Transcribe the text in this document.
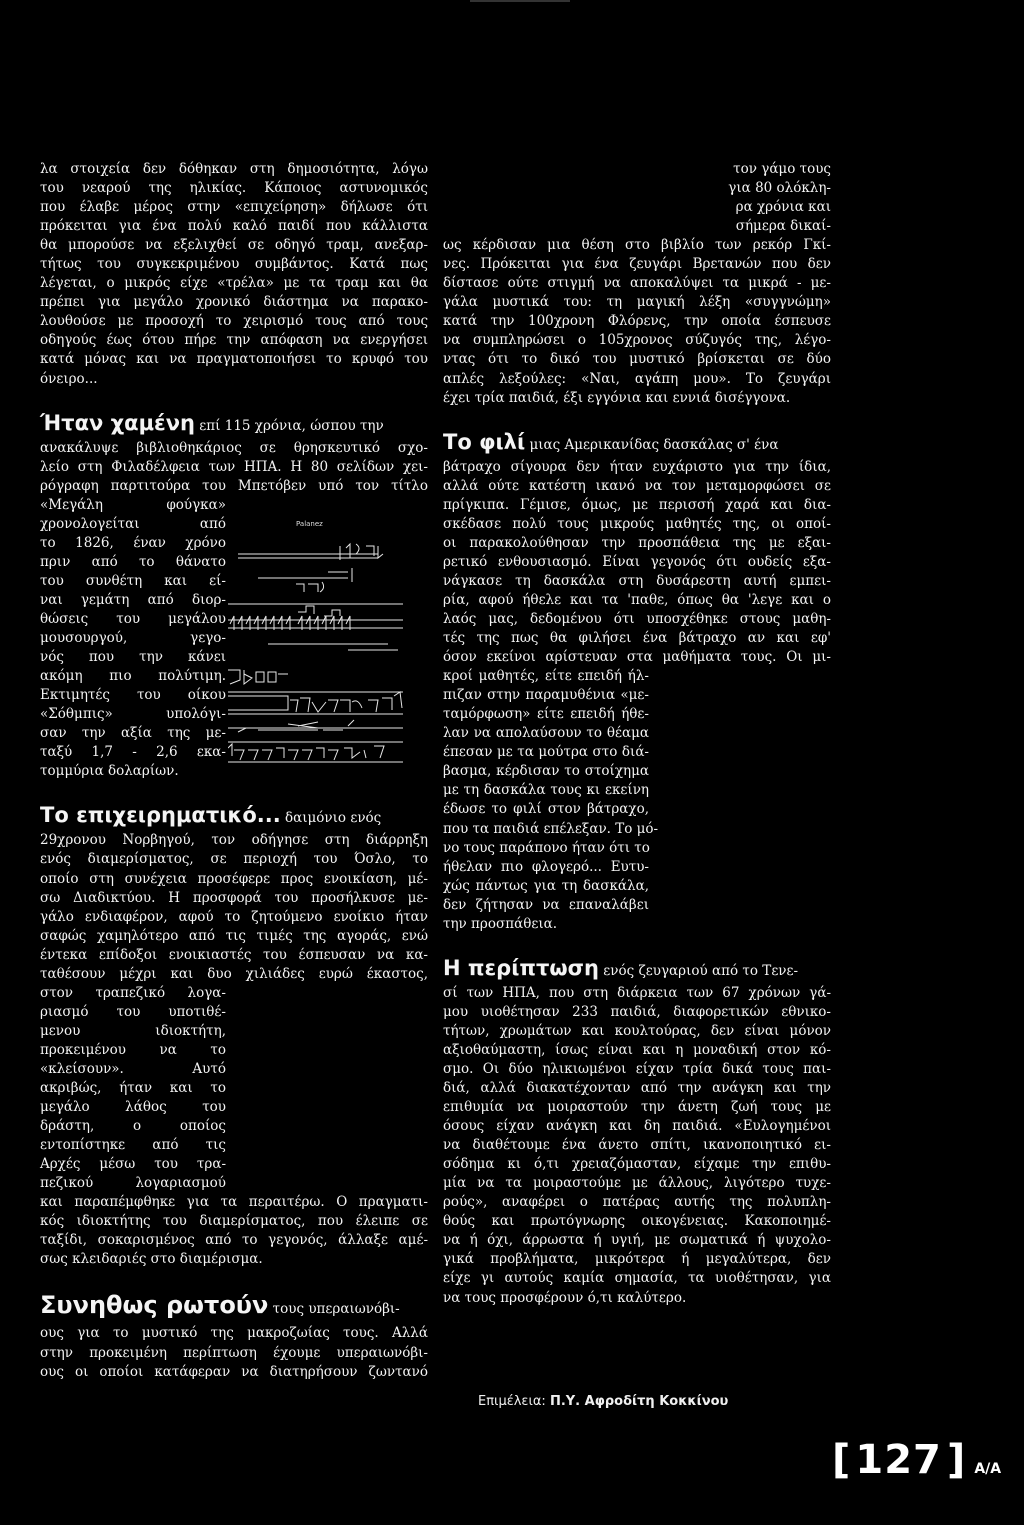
λα στοιχεία δεν δόθηκαν στη δημοσιότητα, λόγω
του νεαρού της ηλικίας. Κάποιος αστυνομικός
που έλαβε μέρος στην «επιχείρηση» δήλωσε ότι
πρόκειται για ένα πολύ καλό παιδί που κάλλιστα
θα μπορούσε να εξελιχθεί σε οδηγό τραμ, ανεξαρ-
τήτως του συγκεκριμένου συμβάντος. Κατά πως
λέγεται, ο μικρός είχε «τρέλα» με τα τραμ και θα
πρέπει για μεγάλο χρονικό διάστημα να παρακο-
λουθούσε με προσοχή το χειρισμό τους από τους
οδηγούς έως ότου πήρε την απόφαση να ενεργήσει
κατά μόνας και να πραγματοποιήσει το κρυφό του
όνειρο...
Ήταν χαμένη επί 115 χρόνια, ώσπου την
ανακάλυψε βιβλιοθηκάριος σε θρησκευτικό σχο-
λείο στη Φιλαδέλφεια των ΗΠΑ. Η 80 σελίδων χει-
ρόγραφη παρτιτούρα του Μπετόβεν υπό τον τίτλο
«Μεγάλη φούγκα»
χρονολογείται από
το 1826, έναν χρόνο
πριν από το θάνατο
του συνθέτη και εί-
ναι γεμάτη από διορ-
θώσεις του μεγάλου
μουσουργού, γεγο-
νός που την κάνει
ακόμη πιο πολύτιμη.
Εκτιμητές του οίκου
«Σόθμπις» υπολόγι-
σαν την αξία της με-
ταξύ 1,7 - 2,6 εκα-
τομμύρια δολαρίων.
Το επιχειρηματικό... δαιμόνιο ενός
29χρονου Νορβηγού, τον οδήγησε στη διάρρηξη
ενός διαμερίσματος, σε περιοχή του Όσλο, το
οποίο στη συνέχεια προσέφερε προς ενοικίαση, μέ-
σω Διαδικτύου. Η προσφορά του προσήλκυσε με-
γάλο ενδιαφέρον, αφού το ζητούμενο ενοίκιο ήταν
σαφώς χαμηλότερο από τις τιμές της αγοράς, ενώ
έντεκα επίδοξοι ενοικιαστές του έσπευσαν να κα-
ταθέσουν μέχρι και δυο χιλιάδες ευρώ έκαστος,
στον τραπεζικό λογα-
ριασμό του υποτιθέ-
μενου ιδιοκτήτη,
προκειμένου να το
«κλείσουν». Αυτό
ακριβώς, ήταν και το
μεγάλο λάθος του
δράστη, ο οποίος
εντοπίστηκε από τις
Αρχές μέσω του τρα-
πεζικού λογαριασμού
και παραπέμφθηκε για τα περαιτέρω. Ο πραγματι-
κός ιδιοκτήτης του διαμερίσματος, που έλειπε σε
ταξίδι, σοκαρισμένος από το γεγονός, άλλαξε αμέ-
σως κλειδαριές στο διαμέρισμα.
Συνηθως ρωτούν τους υπεραιωνόβι-
ους για το μυστικό της μακροζωίας τους. Αλλά
στην προκειμένη περίπτωση έχουμε υπεραιωνόβι-
ους οι οποίοι κατάφεραν να διατηρήσουν ζωντανό
Palanez
τον γάμο τους
για 80 ολόκλη-
ρα χρόνια και
σήμερα δικαί-
ως κέρδισαν μια θέση στο βιβλίο των ρεκόρ Γκί-
νες. Πρόκειται για ένα ζευγάρι Βρετανών που δεν
δίστασε ούτε στιγμή να αποκαλύψει τα μικρά - με-
γάλα μυστικά του: τη μαγική λέξη «συγγνώμη»
κατά την 100χρονη Φλόρενς, την οποία έσπευσε
να συμπληρώσει ο 105χρονος σύζυγός της, λέγο-
ντας ότι το δικό του μυστικό βρίσκεται σε δύο
απλές λεξούλες: «Ναι, αγάπη μου». Το ζευγάρι
έχει τρία παιδιά, έξι εγγόνια και εννιά δισέγγονα.
Το φιλί μιας Αμερικανίδας δασκάλας σ' ένα
βάτραχο σίγουρα δεν ήταν ευχάριστο για την ίδια,
αλλά ούτε κατέστη ικανό να τον μεταμορφώσει σε
πρίγκιπα. Γέμισε, όμως, με περισσή χαρά και δια-
σκέδασε πολύ τους μικρούς μαθητές της, οι οποί-
οι παρακολούθησαν την προσπάθεια της με εξαι-
ρετικό ενθουσιασμό. Είναι γεγονός ότι ουδείς εξα-
νάγκασε τη δασκάλα στη δυσάρεστη αυτή εμπει-
ρία, αφού ήθελε και τα 'παθε, όπως θα 'λεγε και ο
λαός μας, δεδομένου ότι υποσχέθηκε στους μαθη-
τές της πως θα φιλήσει ένα βάτραχο αν και εφ'
όσον εκείνοι αρίστευαν στα μαθήματα τους. Οι μι-
κροί μαθητές, είτε επειδή ήλ-
πιζαν στην παραμυθένια «με-
ταμόρφωση» είτε επειδή ήθε-
λαν να απολαύσουν το θέαμα
έπεσαν με τα μούτρα στο διά-
βασμα, κέρδισαν το στοίχημα
με τη δασκάλα τους κι εκείνη
έδωσε το φιλί στον βάτραχο,
που τα παιδιά επέλεξαν. Το μό-
νο τους παράπονο ήταν ότι το
ήθελαν πιο φλογερό... Ευτυ-
χώς πάντως για τη δασκάλα,
δεν ζήτησαν να επαναλάβει
την προσπάθεια.
Η περίπτωση ενός ζευγαριού από το Τενε-
σί των ΗΠΑ, που στη διάρκεια των 67 χρόνων γά-
μου υιοθέτησαν 233 παιδιά, διαφορετικών εθνικο-
τήτων, χρωμάτων και κουλτούρας, δεν είναι μόνον
αξιοθαύμαστη, ίσως είναι και η μοναδική στον κό-
σμο. Οι δύο ηλικιωμένοι είχαν τρία δικά τους παι-
διά, αλλά διακατέχονταν από την ανάγκη και την
επιθυμία να μοιραστούν την άνετη ζωή τους με
όσους είχαν ανάγκη και δη παιδιά. «Ευλογημένοι
να διαθέτουμε ένα άνετο σπίτι, ικανοποιητικό ει-
σόδημα κι ό,τι χρειαζόμασταν, είχαμε την επιθυ-
μία να τα μοιραστούμε με άλλους, λιγότερο τυχε-
ρούς», αναφέρει ο πατέρας αυτής της πολυπλη-
θούς και πρωτόγνωρης οικογένειας. Κακοποιημέ-
να ή όχι, άρρωστα ή υγιή, με σωματικά ή ψυχολο-
γικά προβλήματα, μικρότερα ή μεγαλύτερα, δεν
είχε γι αυτούς καμία σημασία, τα υιοθέτησαν, για
να τους προσφέρουν ό,τι καλύτερο.
Επιμέλεια: Π.Υ. Αφροδίτη Κοκκίνου
[ 127 ] Α/Α
